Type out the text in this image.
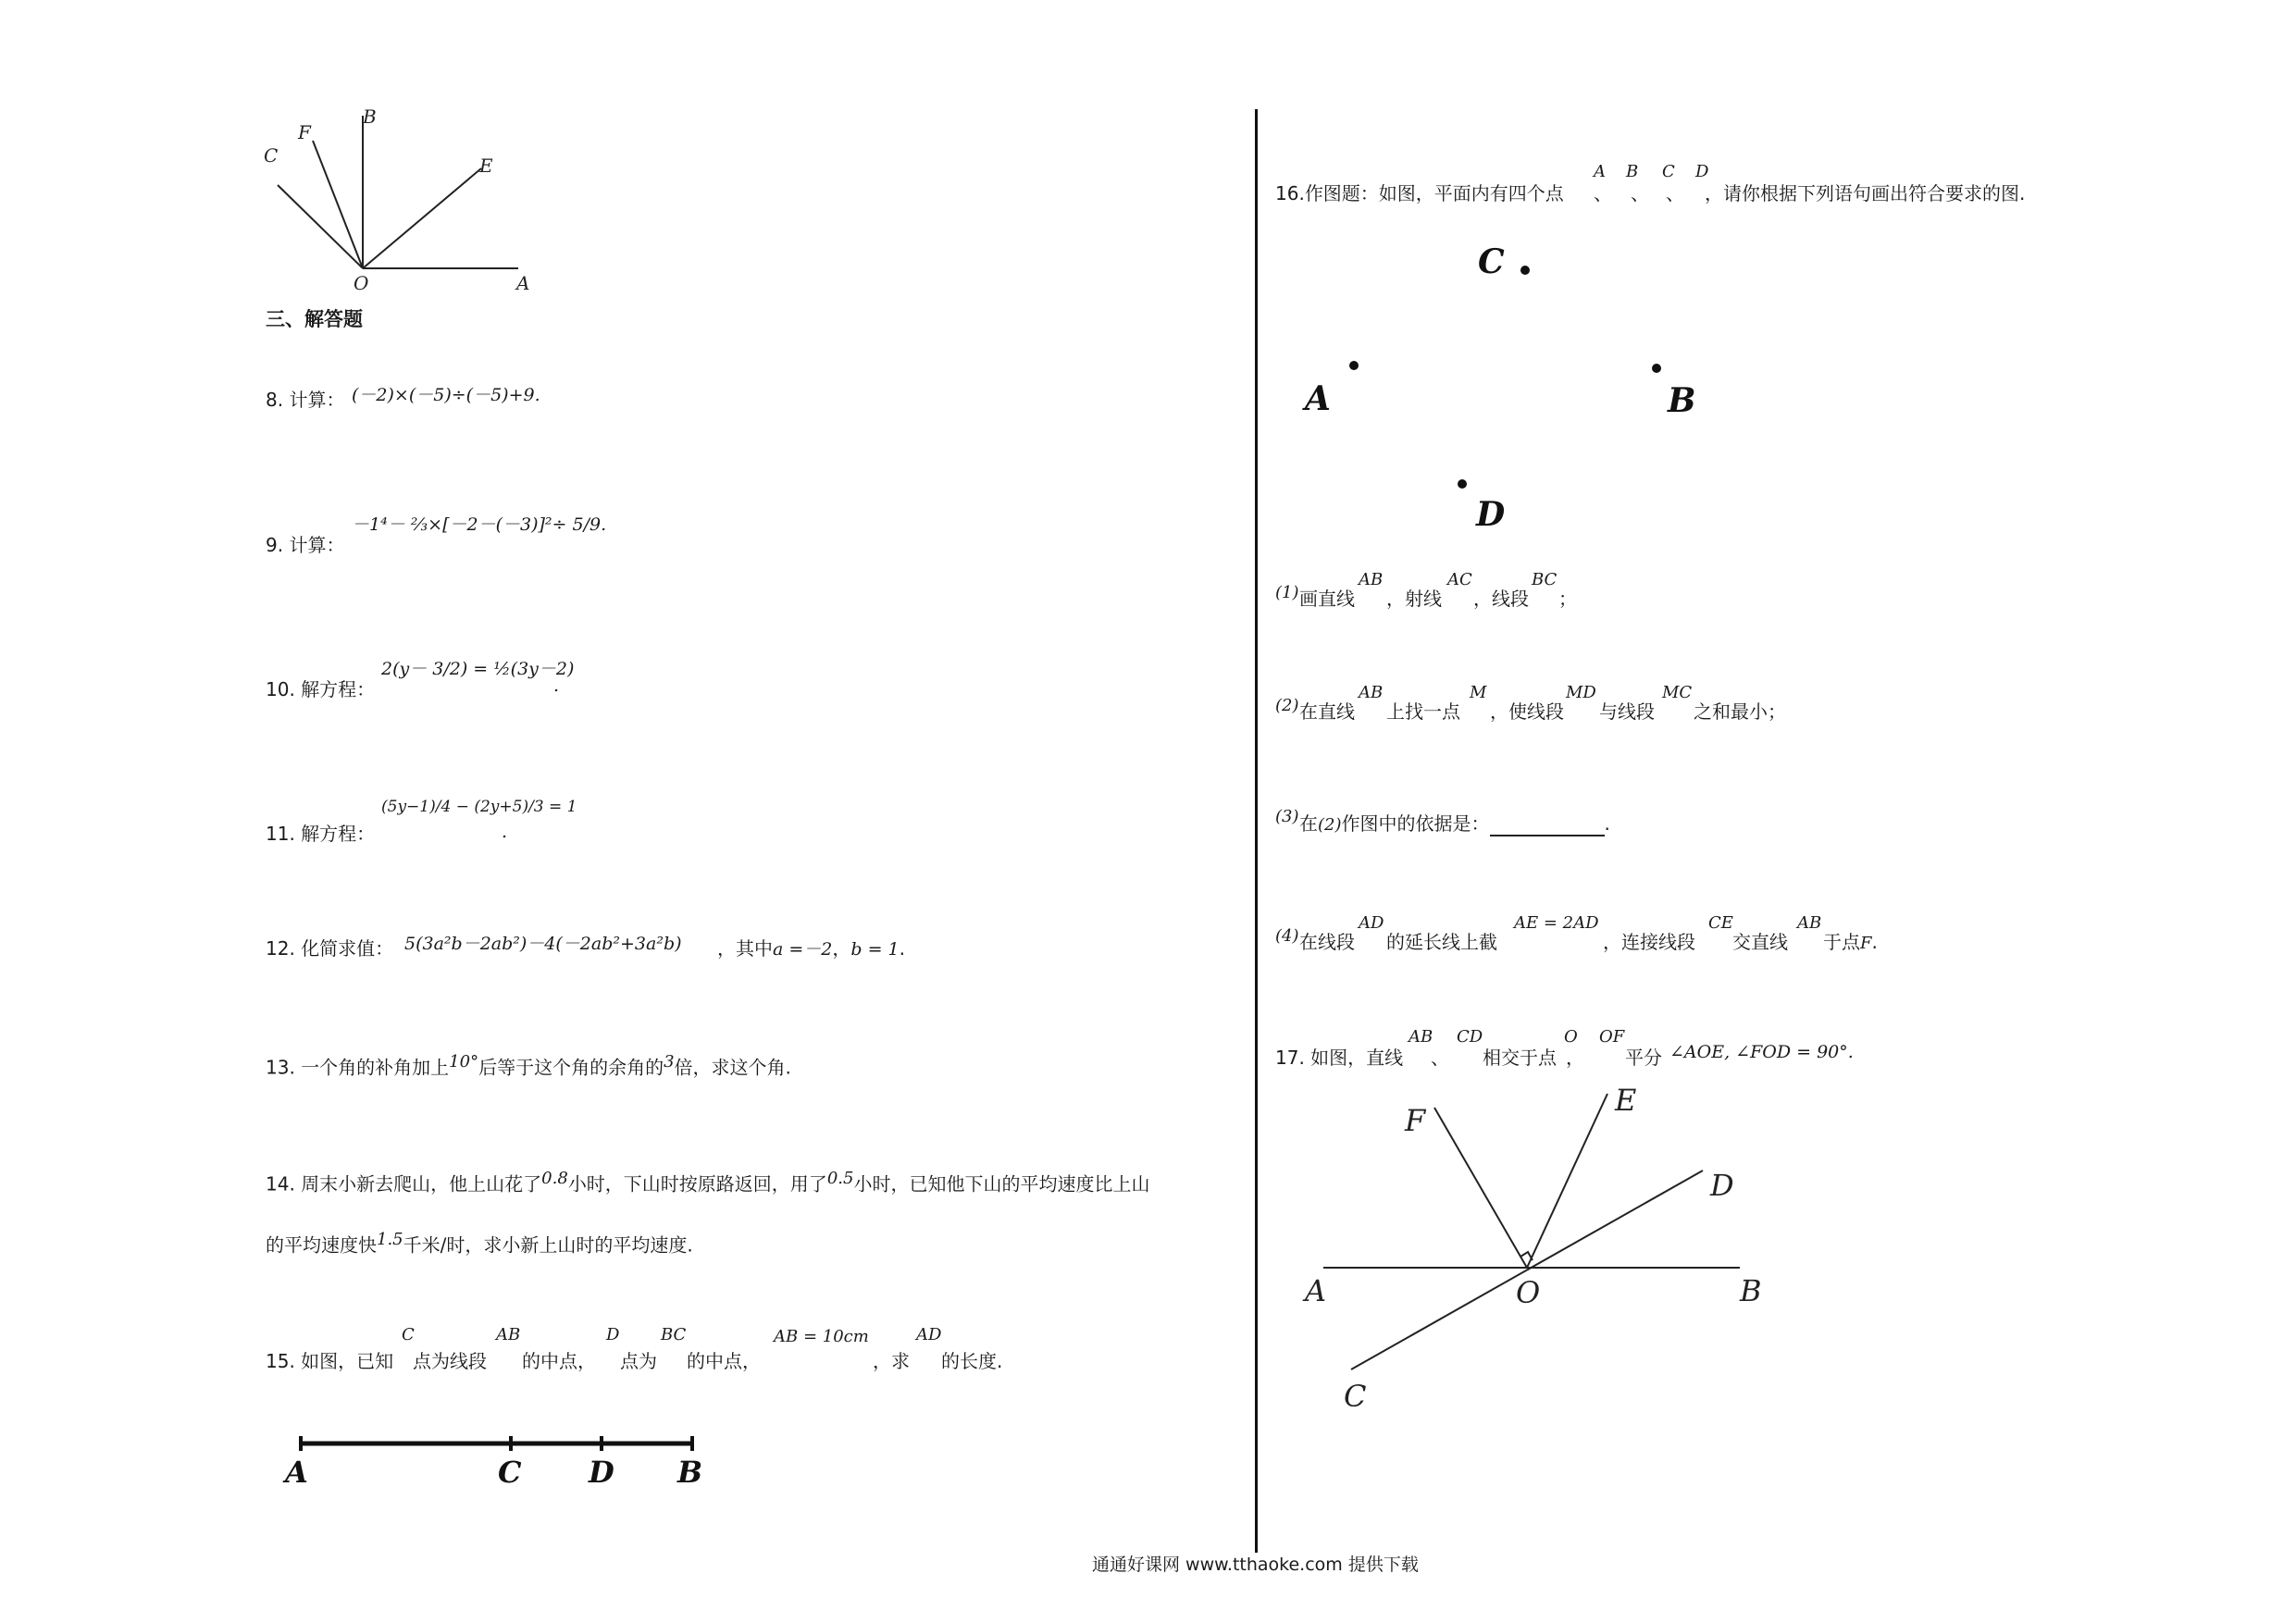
C
F
B
E
O	A
三、解答题
8. 计算： (－2)×(－5)÷(－5)+9.
9. 计算：
－1⁴－ ⅔×[－2－(－3)]²÷ 5/9.
10. 解方程：
2(y－ 3/2) = ½(3y－2)
.
11. 解方程：
(5y−1)/4 − (2y+5)/3 = 1
.
12. 化简求值： 5(3a²b－2ab²)－4(－2ab²+3a²b) ，其中a =－2，b = 1.
13. 一个角的补角加上$^{10^\circ}$后等于这个角的余角的$^3$倍，求这个角.
14. 周末小新去爬山，他上山花了$^{0.8}$小时，下山时按原路返回，用了$^{0.5}$小时，已知他下山的平均速度比上山
的平均速度快$^{1.5}$千米/时，求小新上山时的平均速度.
15. 如图，已知
C
点为线段
AB
的中点，
D
点为
BC
的中点，
AB = 10cm
，求
AD
的长度.
A	C D B
16.作图题：如图，平面内有四个点
A
、
B
、
C
、
D
，请你根据下列语句画出符合要求的图.
C
A	B
D
(1) 画直线
AB
，射线
AC
，线段
BC
；
(2) 在直线
AB
上找一点
M
，使线段
MD
与线段
MC
之和最小；
(3) 在(2)作图中的依据是：	.
(4) 在线段
AD
的延长线上截
AE = 2AD
，连接线段
CE
交直线
AB
于点F.
17. 如图，直线
AB
、
CD
相交于点
O
，
OF
平分 ∠AOE, ∠FOD = 90°.
F
E
D
A	O	B
C
通通好课网 www.tthaoke.com 提供下载
